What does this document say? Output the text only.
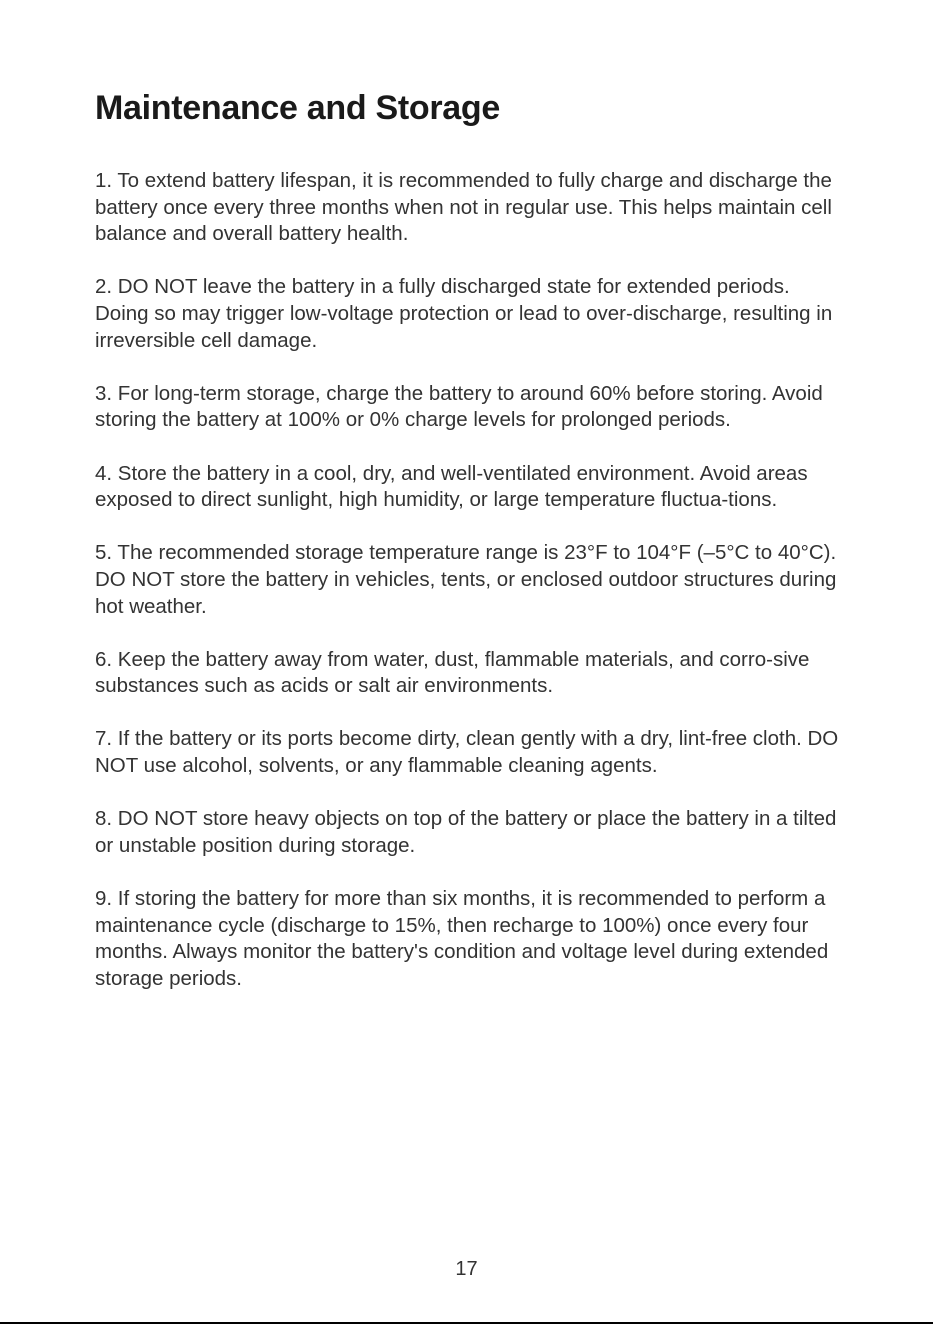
Maintenance and Storage
1. To extend battery lifespan, it is recommended to fully charge and discharge the battery once every three months when not in regular use. This helps maintain cell balance and overall battery health.
2. DO NOT leave the battery in a fully discharged state for extended periods. Doing so may trigger low-voltage protection or lead to over-discharge, resulting in irreversible cell damage.
3. For long-term storage, charge the battery to around 60% before storing. Avoid storing the battery at 100% or 0% charge levels for prolonged periods.
4. Store the battery in a cool, dry, and well-ventilated environment. Avoid areas exposed to direct sunlight, high humidity, or large temperature fluctua-tions.
5. The recommended storage temperature range is 23°F to 104°F (–5°C to 40°C). DO NOT store the battery in vehicles, tents, or enclosed outdoor structures during hot weather.
6. Keep the battery away from water, dust, flammable materials, and corro-sive substances such as acids or salt air environments.
7. If the battery or its ports become dirty, clean gently with a dry, lint-free cloth. DO NOT use alcohol, solvents, or any flammable cleaning agents.
8. DO NOT store heavy objects on top of the battery or place the battery in a tilted or unstable position during storage.
9. If storing the battery for more than six months, it is recommended to perform a maintenance cycle (discharge to 15%, then recharge to 100%) once every four months. Always monitor the battery's condition and voltage level during extended storage periods.
17
